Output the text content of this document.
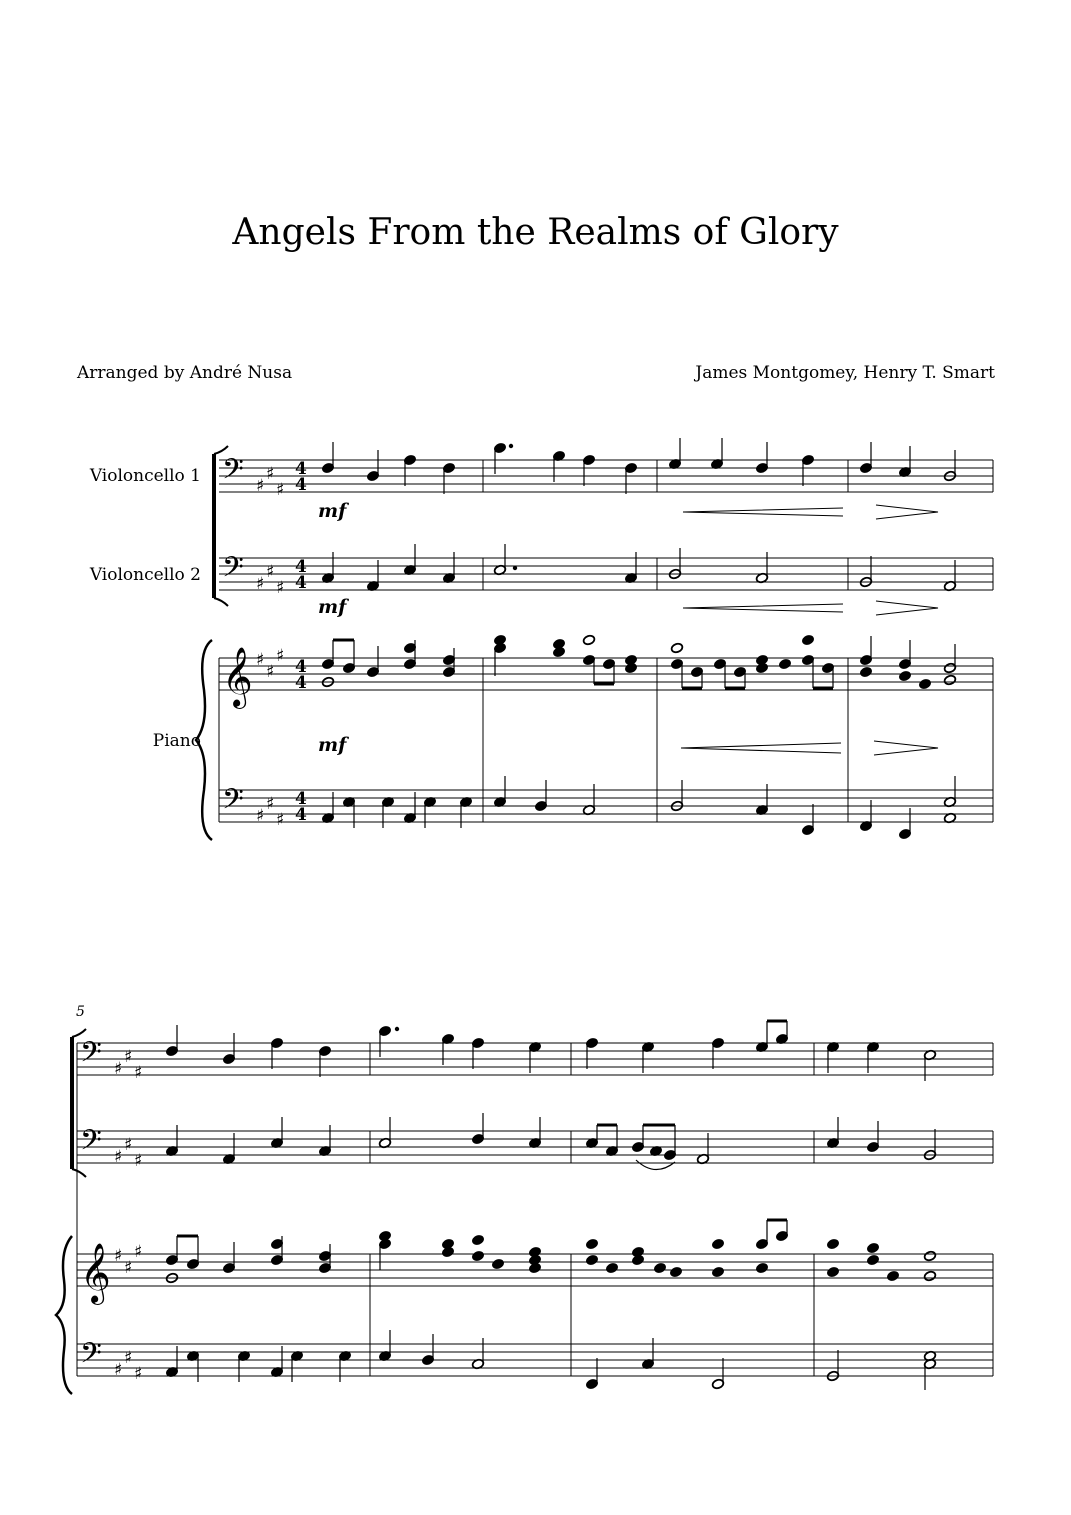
Angels From the Realms of Glory
Arranged by André Nusa	James Montgomey, Henry T. Smart
Violoncello 1
Violoncello 2
Piano
5
𝄢
𝄢
𝄞
𝄢
♯
♯
♯
♯
♯
♯
♯
♯
♯
♯
♯
♯
4
4
4
4
4
4
4
4
mf
mf
mf
𝄢
𝄢
𝄞
𝄢
♯
♯
♯
♯
♯
♯
♯
♯
♯
♯
♯
♯
